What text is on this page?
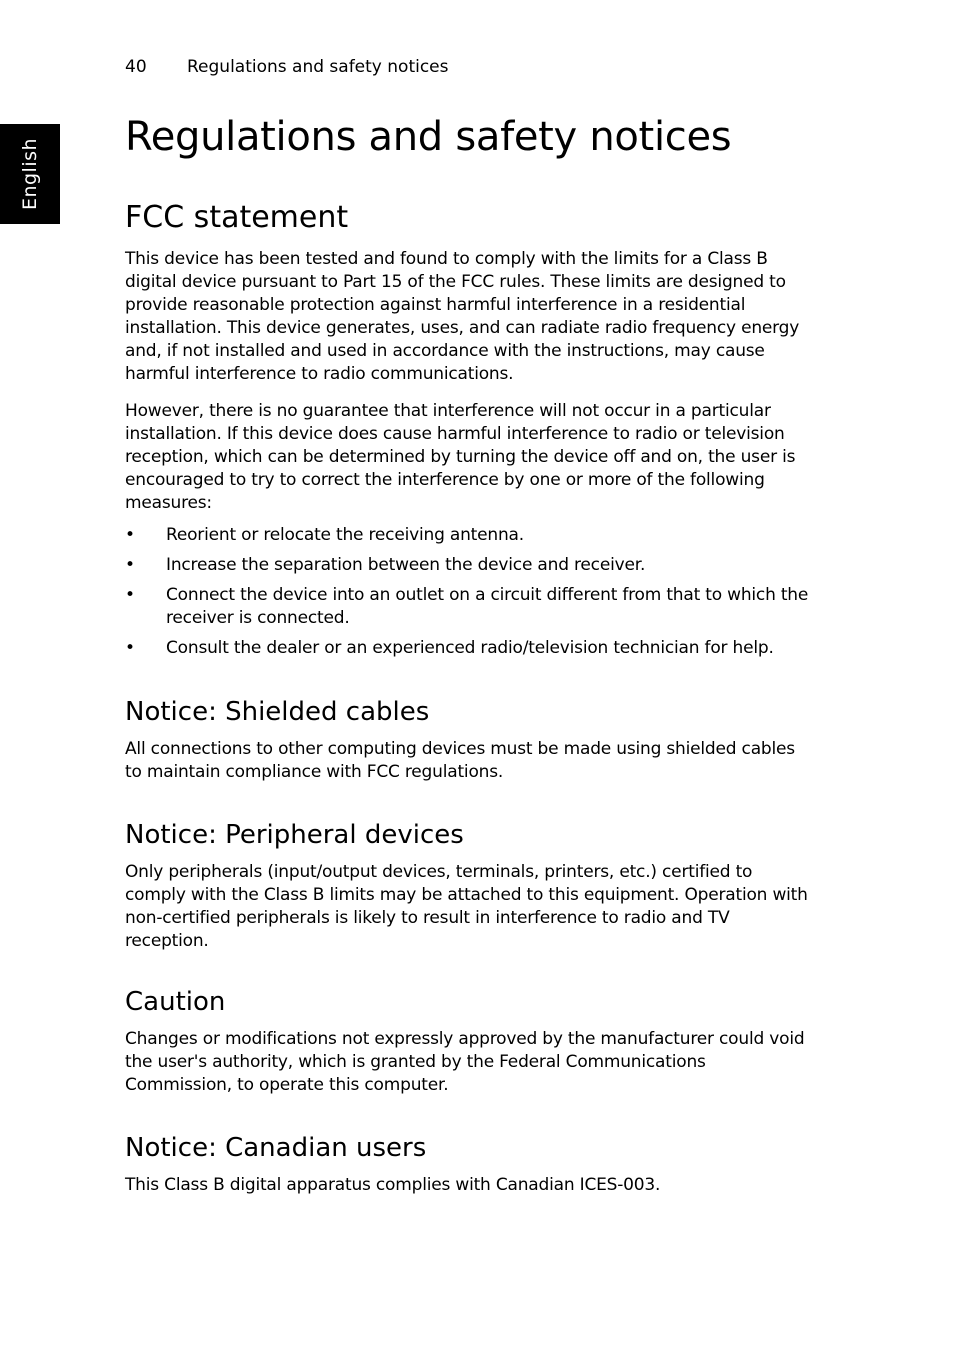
English
40 Regulations and safety notices
Regulations and safety notices
FCC statement

This device has been tested and found to comply with the limits for a Class B digital device pursuant to Part 15 of the FCC rules. These limits are designed to provide reasonable protection against harmful interference in a residential installation. This device generates, uses, and can radiate radio frequency energy and, if not installed and used in accordance with the instructions, may cause harmful interference to radio communications.

However, there is no guarantee that interference will not occur in a particular installation. If this device does cause harmful interference to radio or television reception, which can be determined by turning the device off and on, the user is encouraged to try to correct the interference by one or more of the following measures:

• Reorient or relocate the receiving antenna.
• Increase the separation between the device and receiver.
• Connect the device into an outlet on a circuit different from that to which the receiver is connected.
• Consult the dealer or an experienced radio/television technician for help.
Notice: Shielded cables

All connections to other computing devices must be made using shielded cables to maintain compliance with FCC regulations.

Notice: Peripheral devices

Only peripherals (input/output devices, terminals, printers, etc.) certified to comply with the Class B limits may be attached to this equipment. Operation with non-certified peripherals is likely to result in interference to radio and TV reception.

Caution

Changes or modifications not expressly approved by the manufacturer could void the user's authority, which is granted by the Federal Communications Commission, to operate this computer.

Notice: Canadian users

This Class B digital apparatus complies with Canadian ICES-003.
